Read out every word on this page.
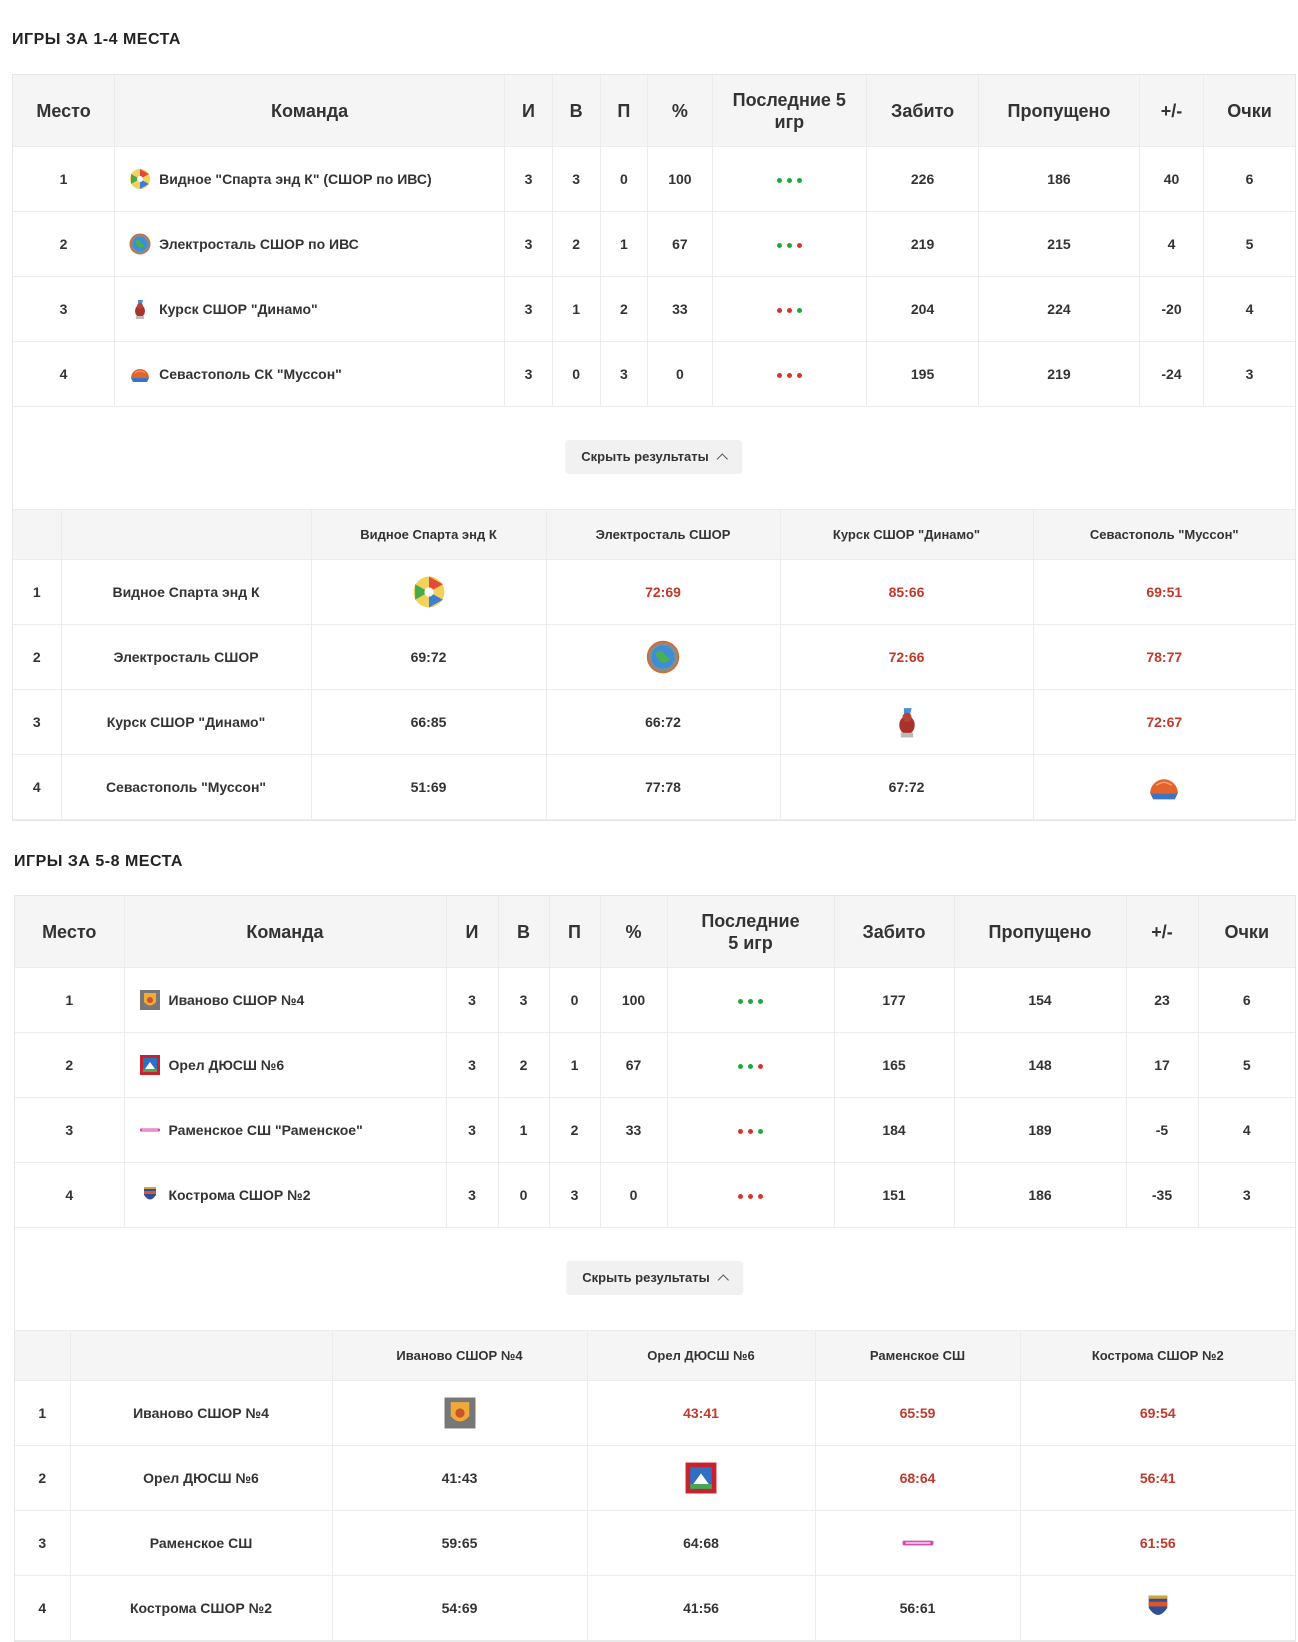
ИГРЫ ЗА 1-4 МЕСТА
Место	Команда	И	В	П	%	Последние 5 игр	Забито	Пропущено	+/-	Очки
1	Видное "Спарта энд К" (СШОР по ИВС)	3	3	0	100		226	186	40	6
2	Электросталь СШОР по ИВС	3	2	1	67		219	215	4	5
3	Курск СШОР "Динамо"	3	1	2	33		204	224	-20	4
4	Севастополь СК "Муссон"	3	0	3	0		195	219	-24	3
Скрыть результаты
		Видное Спарта энд К	Электросталь СШОР	Курск СШОР "Динамо"	Севастополь "Муссон"
1	Видное Спарта энд К		72:69	85:66	69:51
2	Электросталь СШОР	69:72		72:66	78:77
3	Курск СШОР "Динамо"	66:85	66:72		72:67
4	Севастополь "Муссон"	51:69	77:78	67:72	
ИГРЫ ЗА 5-8 МЕСТА
Место	Команда	И	В	П	%	Последние 5 игр	Забито	Пропущено	+/-	Очки
1	Иваново СШОР №4	3	3	0	100		177	154	23	6
2	Орел ДЮСШ №6	3	2	1	67		165	148	17	5
3	Раменское СШ "Раменское"	3	1	2	33		184	189	-5	4
4	Кострома СШОР №2	3	0	3	0		151	186	-35	3
Скрыть результаты
		Иваново СШОР №4	Орел ДЮСШ №6	Раменское СШ	Кострома СШОР №2
1	Иваново СШОР №4		43:41	65:59	69:54
2	Орел ДЮСШ №6	41:43		68:64	56:41
3	Раменское СШ	59:65	64:68		61:56
4	Кострома СШОР №2	54:69	41:56	56:61	
